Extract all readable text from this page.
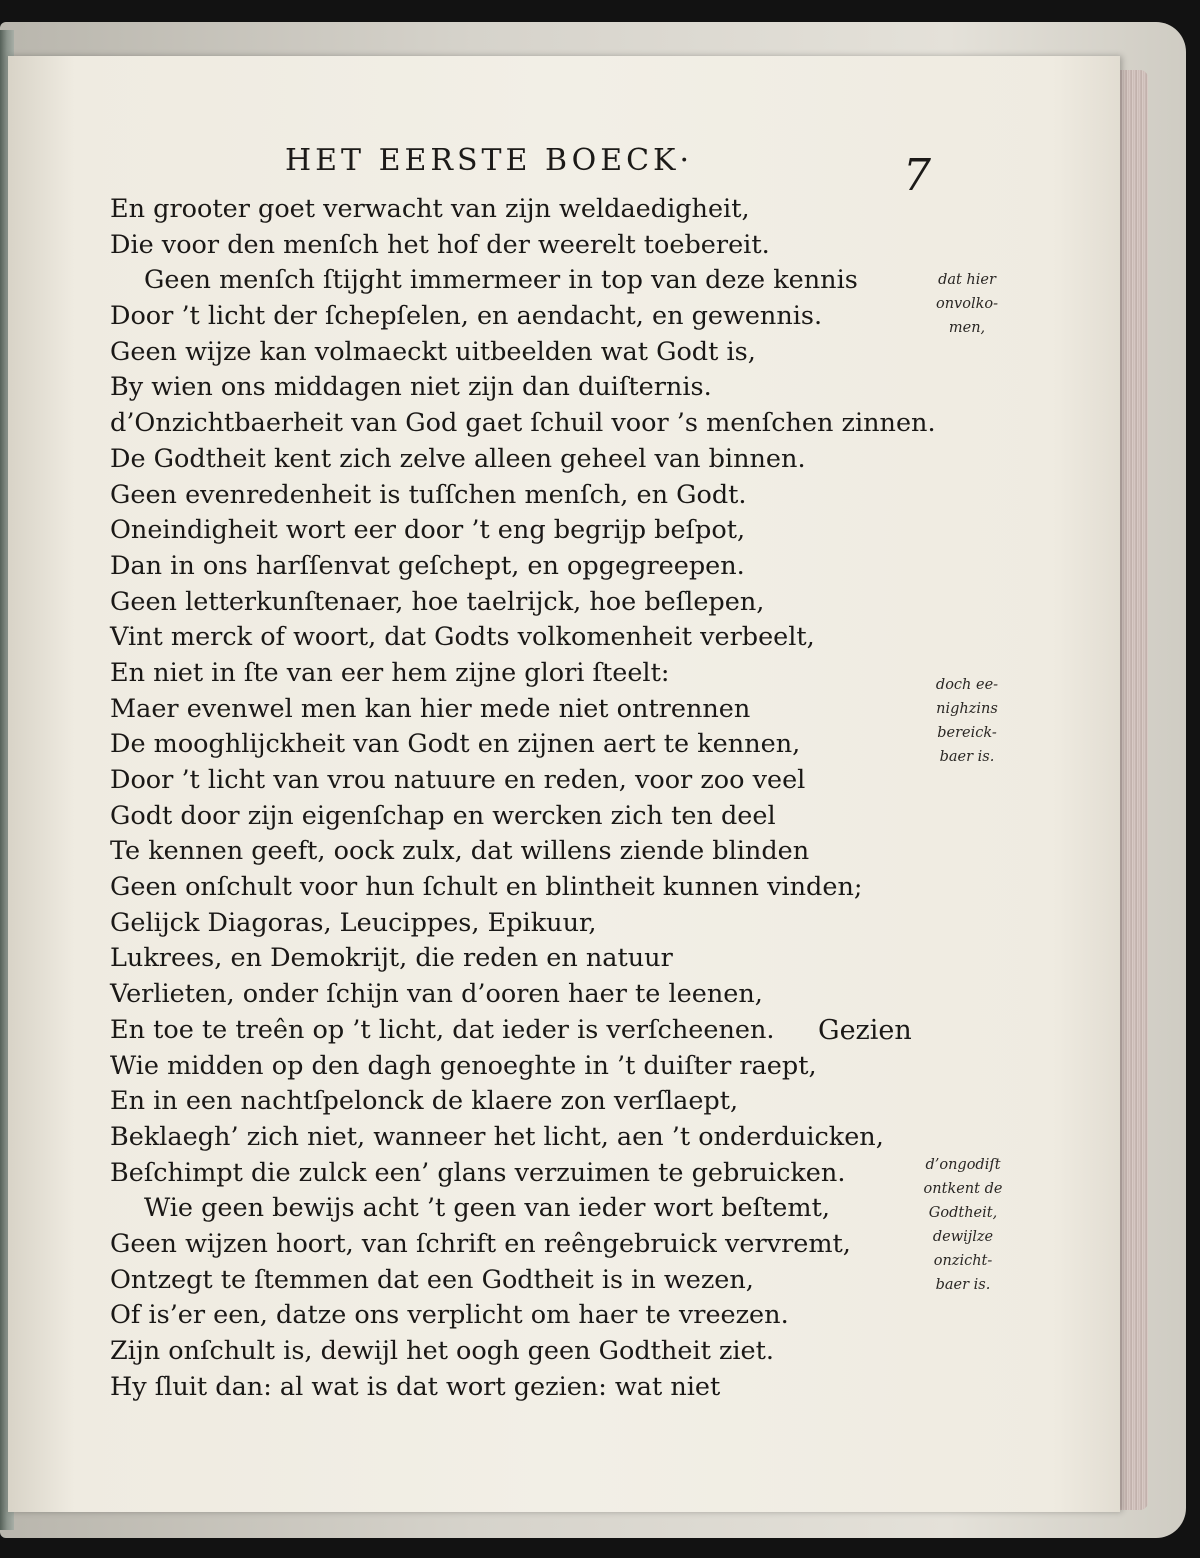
HET EERSTE BOECK·	7
En grooter goet verwacht van zijn weldaedigheit,
Die voor den menſch het hof der weerelt toebereit.
Geen menſch ſtijght immermeer in top van deze kennis
Door ’t licht der ſchepſelen, en aendacht, en gewennis.
Geen wijze kan volmaeckt uitbeelden wat Godt is,
By wien ons middagen niet zijn dan duiſternis.
d’Onzichtbaerheit van God gaet ſchuil voor ’s menſchen zinnen.
De Godtheit kent zich zelve alleen geheel van binnen.
Geen evenredenheit is tuſſchen menſch, en Godt.
Oneindigheit wort eer door ’t eng begrijp beſpot,
Dan in ons harſſenvat geſchept, en opgegreepen.
Geen letterkunſtenaer, hoe taelrijck, hoe beſlepen,
Vint merck of woort, dat Godts volkomenheit verbeelt,
En niet in ſte van eer hem zijne glori ſteelt:
Maer evenwel men kan hier mede niet ontrennen
De mooghlijckheit van Godt en zijnen aert te kennen,
Door ’t licht van vrou natuure en reden, voor zoo veel
Godt door zijn eigenſchap en wercken zich ten deel
Te kennen geeft, oock zulx, dat willens ziende blinden
Geen onſchult voor hun ſchult en blintheit kunnen vinden;
Gelijck Diagoras, Leucippes, Epikuur,
Lukrees, en Demokrijt, die reden en natuur
Verlieten, onder ſchijn van d’ooren haer te leenen,
En toe te treên op ’t licht, dat ieder is verſcheenen.
Wie midden op den dagh genoeghte in ’t duiſter raept,
En in een nachtſpelonck de klaere zon verſlaept,
Beklaegh’ zich niet, wanneer het licht, aen ’t onderduicken,
Beſchimpt die zulck een’ glans verzuimen te gebruicken.
Wie geen bewijs acht ’t geen van ieder wort beſtemt,
Geen wijzen hoort, van ſchrift en reêngebruick vervremt,
Ontzegt te ſtemmen dat een Godtheit is in wezen,
Of is’er een, datze ons verplicht om haer te vreezen.
Zijn onſchult is, dewijl het oogh geen Godtheit ziet.
Hy ſluit dan: al wat is dat wort gezien: wat niet
Gezien
dat hier
onvolko-
men,
doch ee-
nighzins
bereick-
baer is.
d’ongodiſt
ontkent de
Godtheit,
dewijlze
onzicht-
baer is.
